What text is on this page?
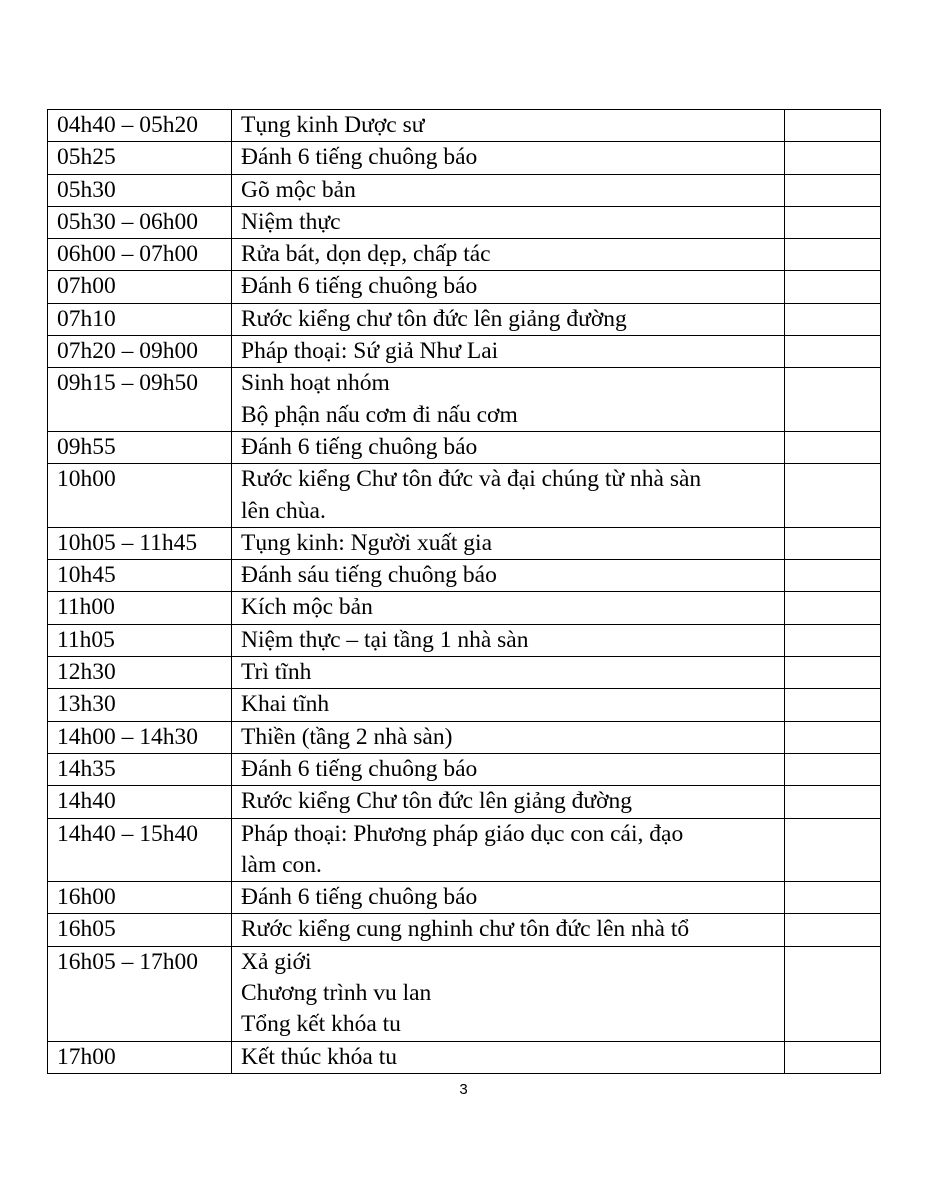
04h40 – 05h20	Tụng kinh Dược sư	

05h25	Đánh 6 tiếng chuông báo	

05h30	Gõ mộc bản	

05h30 – 06h00	Niệm thực	

06h00 – 07h00	Rửa bát, dọn dẹp, chấp tác	

07h00	Đánh 6 tiếng chuông báo	

07h10	Rước kiểng chư tôn đức lên giảng đường	

07h20 – 09h00	Pháp thoại: Sứ giả Như Lai	

09h15 – 09h50	Sinh hoạt nhóm
Bộ phận nấu cơm đi nấu cơm	

09h55	Đánh 6 tiếng chuông báo	

10h00	Rước kiểng Chư tôn đức và đại chúng từ nhà sàn
lên chùa.	

10h05 – 11h45	Tụng kinh: Người xuất gia	

10h45	Đánh sáu tiếng chuông báo	

11h00	Kích mộc bản	

11h05	Niệm thực – tại tầng 1 nhà sàn	

12h30	Trì tĩnh	

13h30	Khai tĩnh	

14h00 – 14h30	Thiền (tầng 2 nhà sàn)	

14h35	Đánh 6 tiếng chuông báo	

14h40	Rước kiểng Chư tôn đức lên giảng đường	

14h40 – 15h40	Pháp thoại: Phương pháp giáo dục con cái, đạo
làm con.	

16h00	Đánh 6 tiếng chuông báo	

16h05	Rước kiểng cung nghinh chư tôn đức lên nhà tổ	

16h05 – 17h00	Xả giới
Chương trình vu lan
Tổng kết khóa tu	

17h00	Kết thúc khóa tu	

3
